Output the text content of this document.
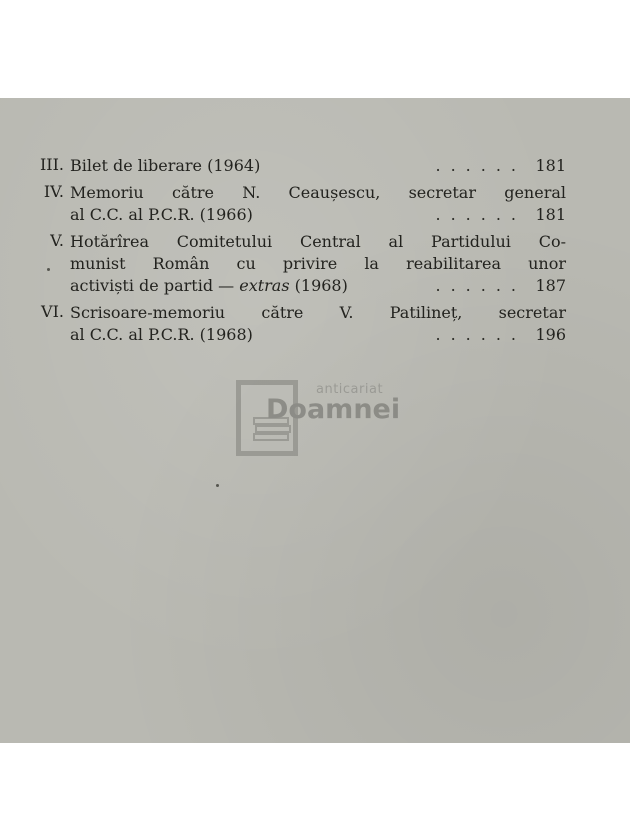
III. Bilet de liberare (1964)	...... 181
IV. Memoriu către N. Ceaușescu, secretar general
al C.C. al P.C.R. (1966)	...... 181
V. Hotărîrea Comitetului Central al Partidului Co-
munist Român cu privire la reabilitarea unor
activiști de partid — extras (1968)	...... 187
VI. Scrisoare-memoriu către V. Patilineț, secretar
al C.C. al P.C.R. (1968)	...... 196
anticariat
Doamnei
